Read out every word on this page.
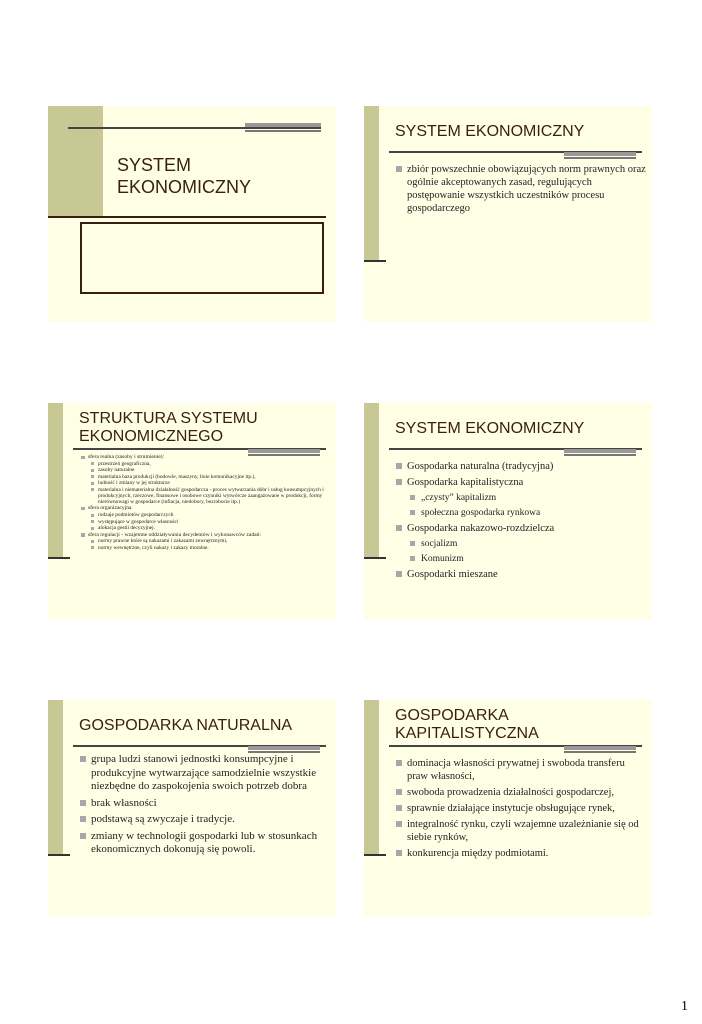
SYSTEM EKONOMICZNY
SYSTEM EKONOMICZNY

zbiór powszechnie obowiązujących norm prawnych oraz ogólnie akceptowanych zasad, regulujących postępowanie wszystkich uczestników procesu gospodarczego

STRUKTURA SYSTEMU EKONOMICZNEGO

sfera realna (zasoby i strumienie):

przestrzeń geograficzna,

zasoby naturalne

materialna baza produkcji (budowle, maszyny, linie komunikacyjne itp.),

ludność i zmiany w jej strukturze

materialna i niematerialna działalność gospodarcza - proces wytwarzania dóbr i usług konsumpcyjnych i produkcyjnych, rzeczowe, finansowe i osobowe czynniki wytwórcze zaangażowane w produkcji, formy nierównowagi w gospodarce (inflacja, niedobory, bezrobocie itp.)

sfera organizacyjna

rodzaje podmiotów gospodarczych

występujące w gospodarce własności

alokacja gestii decyzyjnej.

sfera regulacji - wzajemne oddziaływania decydentów i wykonawców zadań:

normy prawne które są nakazami i zakazami zewnętrznymi,

normy wewnętrzne, czyli nakazy i zakazy moralne.

SYSTEM EKONOMICZNY

Gospodarka naturalna (tradycyjna)

Gospodarka kapitalistyczna

„czysty” kapitalizm

społeczna gospodarka rynkowa

Gospodarka nakazowo-rozdzielcza

socjalizm

Komunizm

Gospodarki mieszane

GOSPODARKA NATURALNA

grupa ludzi stanowi jednostki konsumpcyjne i produkcyjne wytwarzające samodzielnie wszystkie niezbędne do zaspokojenia swoich potrzeb dobra

brak własności

podstawą są zwyczaje i tradycje.

zmiany w technologii gospodarki lub w stosunkach ekonomicznych dokonują się powoli.

GOSPODARKA KAPITALISTYCZNA

dominacja własności prywatnej i swoboda transferu praw własności,

swoboda prowadzenia działalności gospodarczej,

sprawnie działające instytucje obsługujące rynek,

integralność rynku, czyli wzajemne uzależnianie się od siebie rynków,

konkurencja między podmiotami.

1
